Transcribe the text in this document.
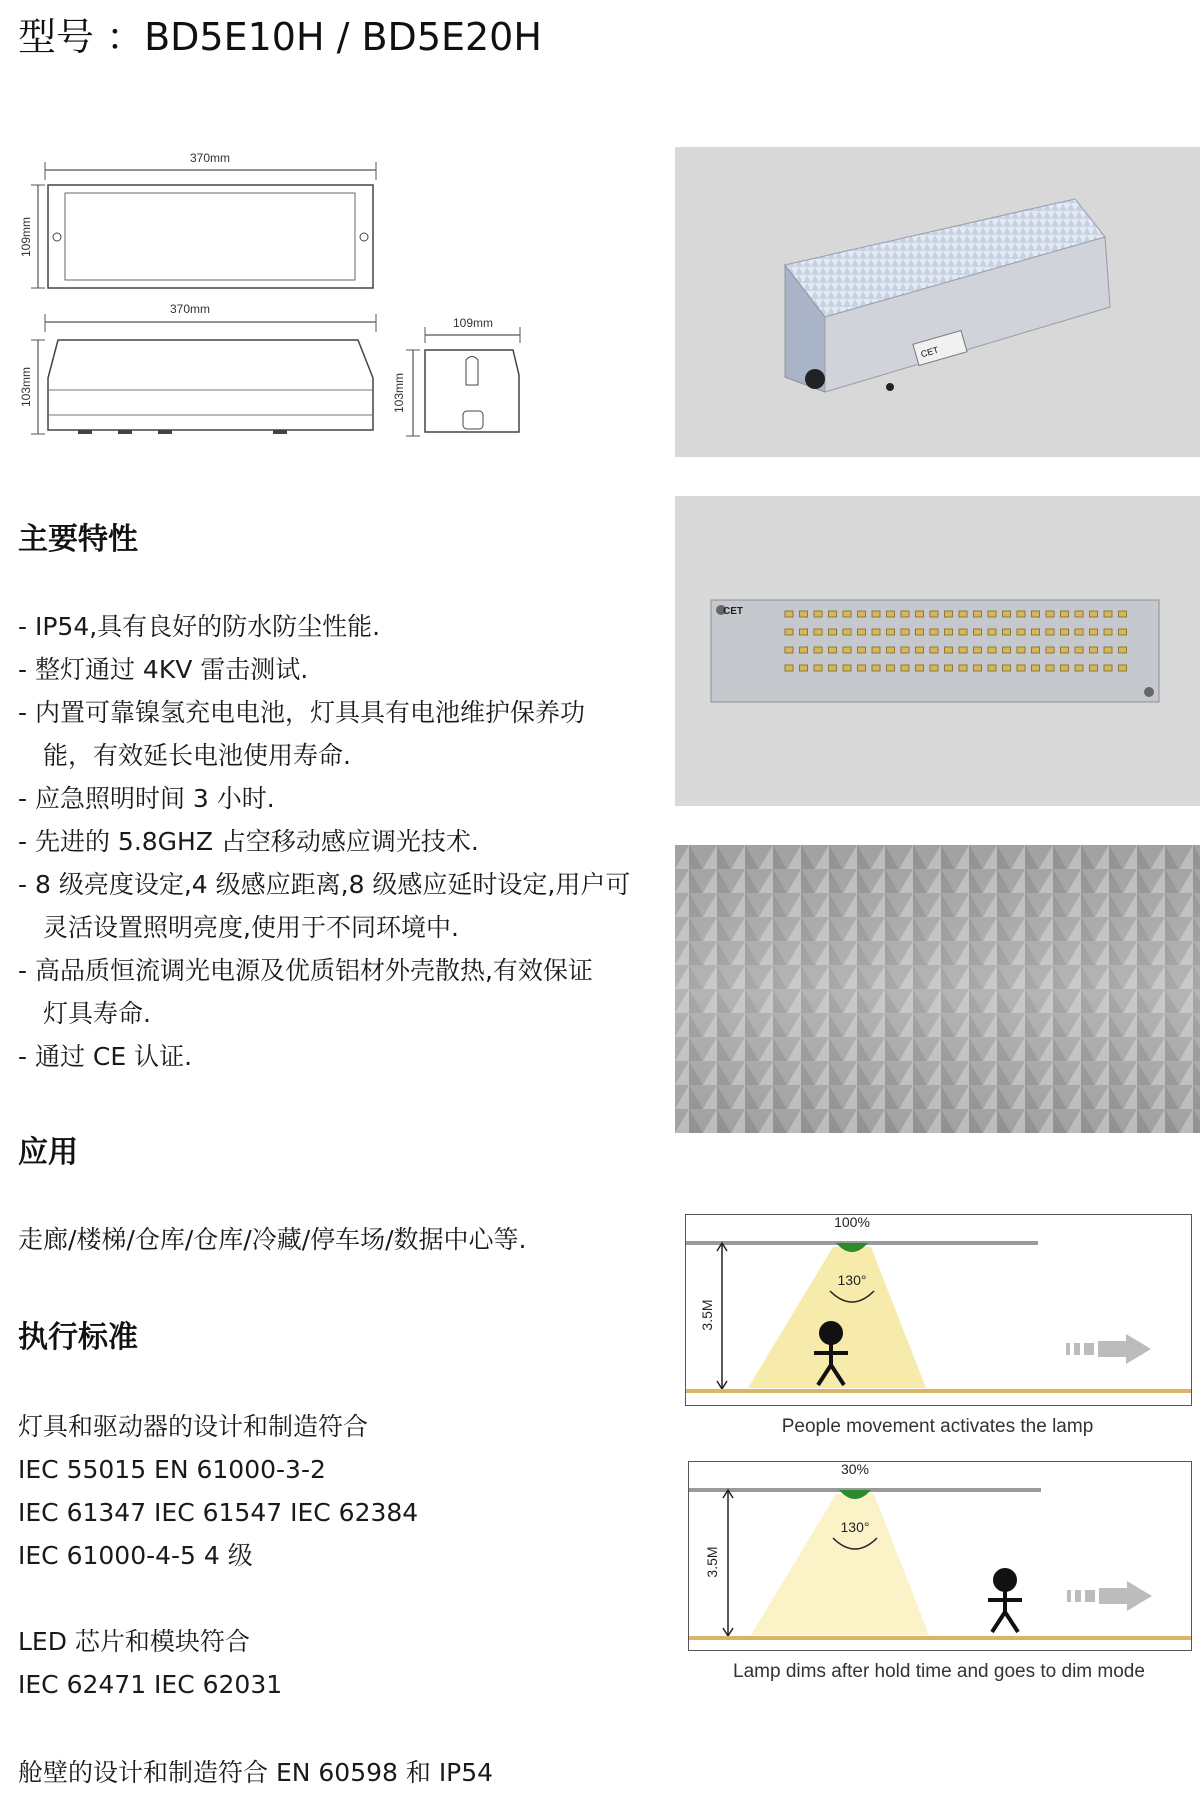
型号 ：BD5E10H / BD5E20H
370mm
109mm
370mm
103mm
109mm
103mm
CET
CET
主要特性
- IP54,具有良好的防水防尘性能.
- 整灯通过 4KV 雷击测试.
- 内置可靠镍氢充电电池，灯具具有电池维护保养功
能，有效延长电池使用寿命.
- 应急照明时间 3 小时.
- 先进的 5.8GHZ 占空移动感应调光技术.
- 8 级亮度设定,4 级感应距离,8 级感应延时设定,用户可
灵活设置照明亮度,使用于不同环境中.
- 高品质恒流调光电源及优质铝材外壳散热,有效保证
灯具寿命.
- 通过 CE 认证.
应用
走廊/楼梯/仓库/仓库/冷藏/停车场/数据中心等.
执行标准
灯具和驱动器的设计和制造符合
IEC 55015 EN 61000-3-2
IEC 61347 IEC 61547 IEC 62384
IEC 61000-4-5 4 级
LED 芯片和模块符合
IEC 62471 IEC 62031
舱壁的设计和制造符合 EN 60598 和 IP54
100%
130°
3.5M
People movement activates the lamp
30%
130°
3.5M
Lamp dims after hold time and goes to dim mode
